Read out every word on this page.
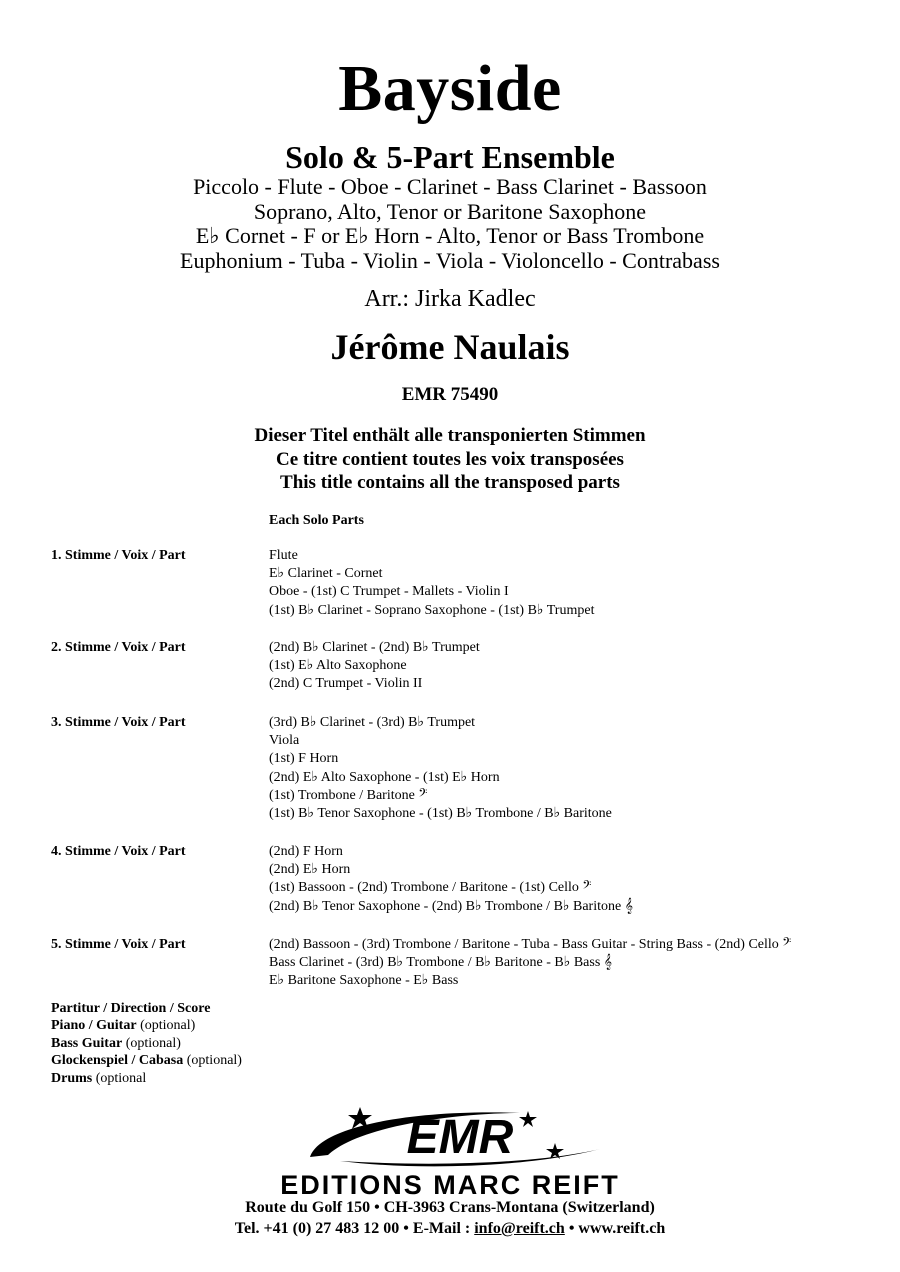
Bayside
Solo & 5-Part Ensemble
Piccolo - Flute - Oboe - Clarinet - Bass Clarinet - Bassoon
Soprano, Alto, Tenor or Baritone Saxophone
E♭ Cornet - F or E♭ Horn - Alto, Tenor or Bass Trombone
Euphonium - Tuba - Violin - Viola - Violoncello - Contrabass
Arr.: Jirka Kadlec
Jérôme Naulais
EMR 75490
Dieser Titel enthält alle transponierten Stimmen
Ce titre contient toutes les voix transposées
This title contains all the transposed parts
Each Solo Parts
1. Stimme / Voix / Part	Flute
E♭ Clarinet - Cornet
Oboe - (1st) C Trumpet - Mallets - Violin I
(1st) B♭ Clarinet - Soprano Saxophone - (1st) B♭ Trumpet
2. Stimme / Voix / Part	(2nd) B♭ Clarinet - (2nd) B♭ Trumpet
(1st) E♭ Alto Saxophone
(2nd) C Trumpet - Violin II
3. Stimme / Voix / Part	(3rd) B♭ Clarinet - (3rd) B♭ Trumpet
Viola
(1st) F Horn
(2nd) E♭ Alto Saxophone - (1st) E♭ Horn
(1st) Trombone / Baritone 𝄢
(1st) B♭ Tenor Saxophone - (1st) B♭ Trombone / B♭ Baritone
4. Stimme / Voix / Part	(2nd) F Horn
(2nd) E♭ Horn
(1st) Bassoon - (2nd) Trombone / Baritone - (1st) Cello 𝄢
(2nd) B♭ Tenor Saxophone - (2nd) B♭ Trombone / B♭ Baritone 𝄞
5. Stimme / Voix / Part	(2nd) Bassoon - (3rd) Trombone / Baritone - Tuba - Bass Guitar - String Bass - (2nd) Cello 𝄢
Bass Clarinet - (3rd) B♭ Trombone / B♭ Baritone - B♭ Bass 𝄞
E♭ Baritone Saxophone - E♭ Bass
Partitur / Direction / Score
Piano / Guitar (optional)
Bass Guitar (optional)
Glockenspiel / Cabasa (optional)
Drums (optional
EMR
EDITIONS MARC REIFT
Route du Golf 150 • CH-3963 Crans-Montana (Switzerland)
Tel. +41 (0) 27 483 12 00 • E-Mail : info@reift.ch • www.reift.ch
